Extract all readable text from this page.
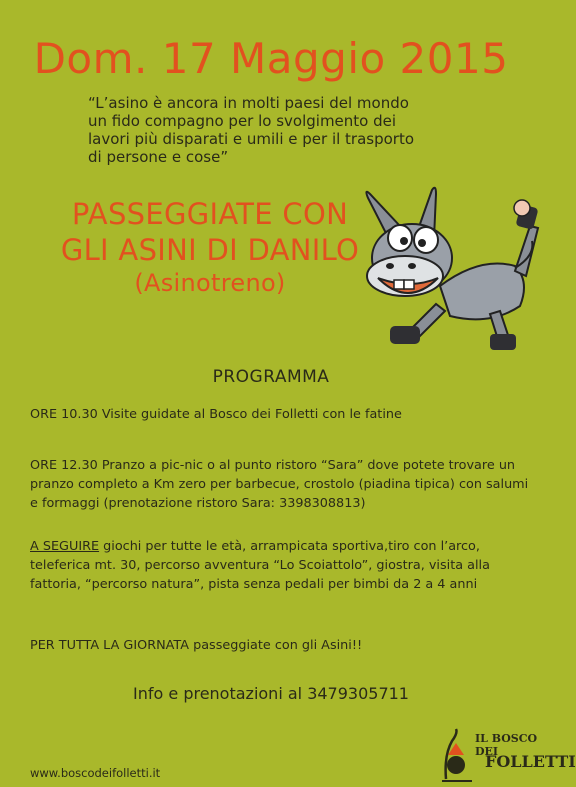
Dom. 17 Maggio 2015
“L’asino è ancora in molti paesi del mondo
un fido compagno per lo svolgimento dei
lavori più disparati e umili e per il trasporto
di persone e cose”
PASSEGGIATE CON
GLI ASINI DI DANILO
(Asinotreno)
PROGRAMMA
ORE 10.30 Visite guidate al Bosco dei Folletti con le fatine
ORE 12.30 Pranzo a pic-nic o al punto ristoro “Sara” dove potete trovare un pranzo completo a Km zero per barbecue, crostolo (piadina tipica) con salumi e formaggi (prenotazione ristoro Sara: 3398308813)
A SEGUIRE giochi per tutte le età, arrampicata sportiva,tiro con l’arco, teleferica mt. 30, percorso avventura “Lo Scoiattolo”, giostra, visita alla fattoria, “percorso natura”, pista senza pedali per bimbi da 2 a 4 anni
PER TUTTA LA GIORNATA passeggiate con gli Asini!!
Info e prenotazioni al 3479305711
www.boscodeifolletti.it
IL BOSCO DEI
FOLLETTI
